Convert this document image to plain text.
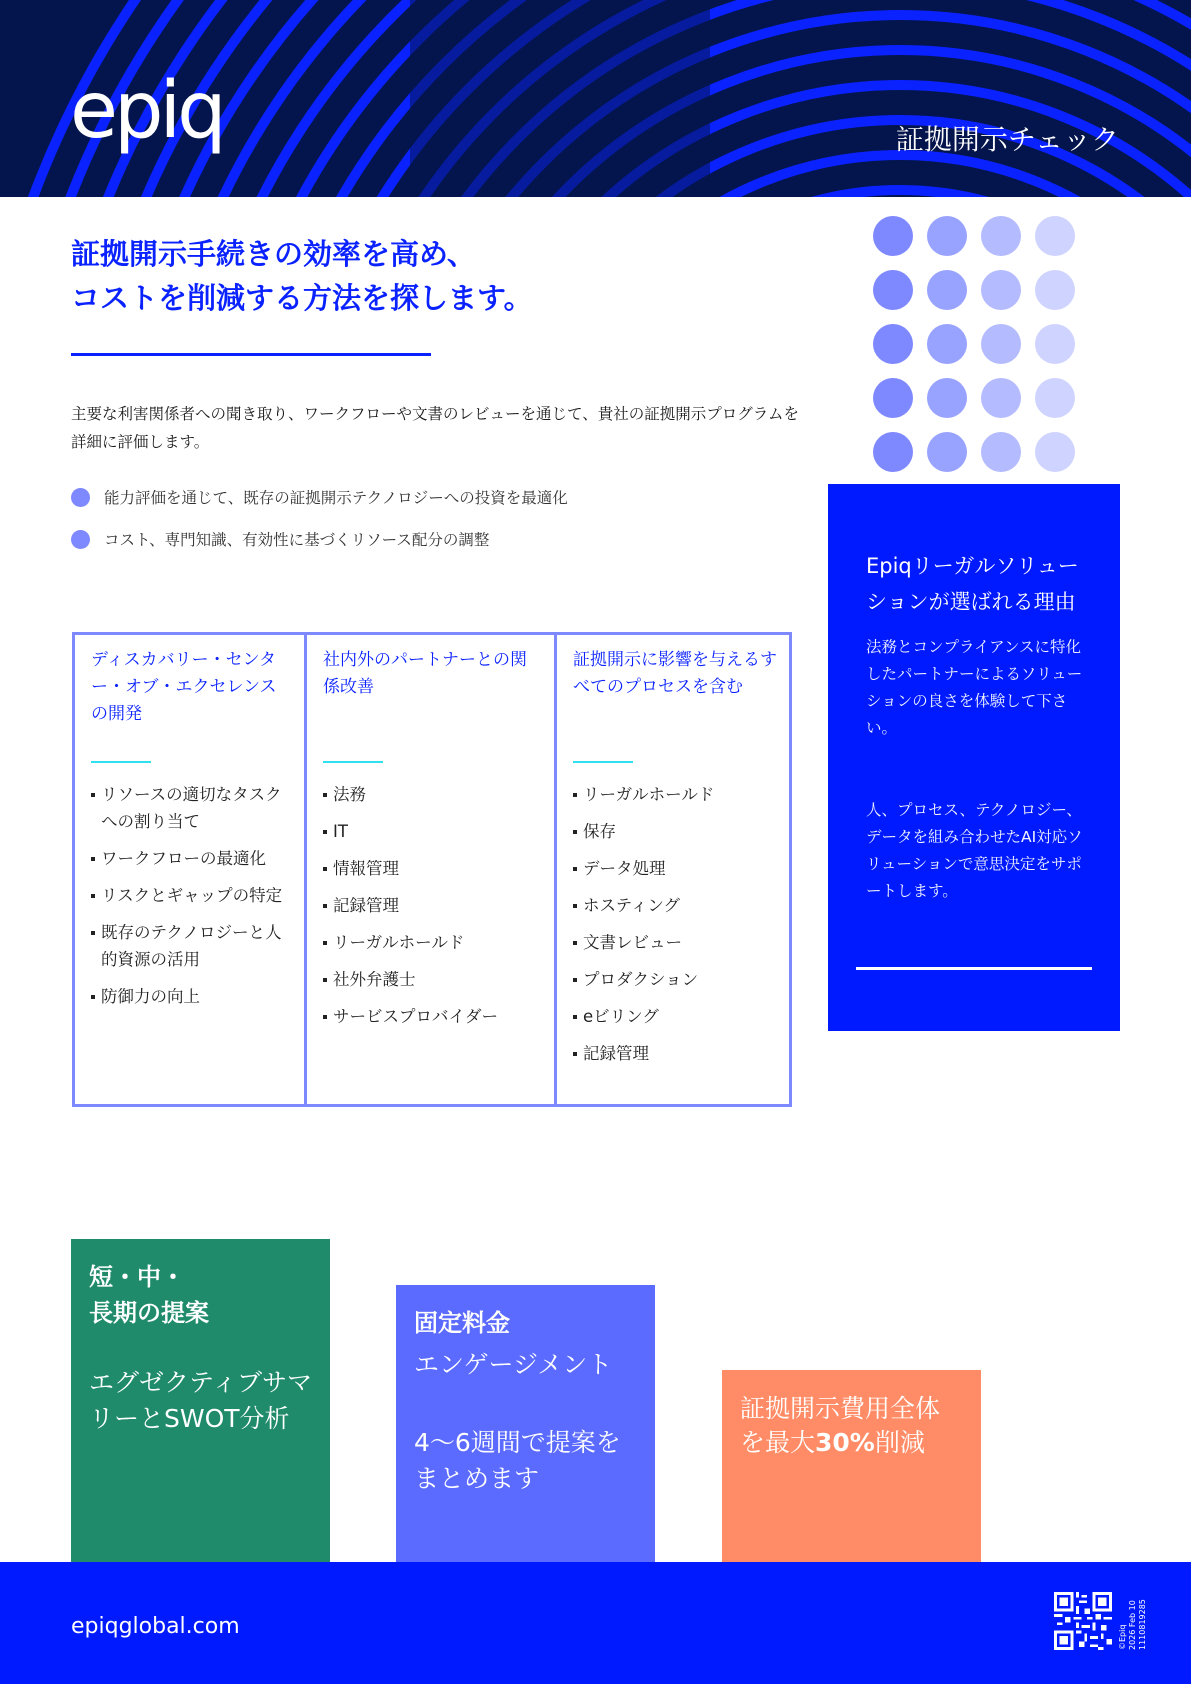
epiq	証拠開示チェック
証拠開示手続きの効率を高め、
コストを削減する方法を探します。

主要な利害関係者への聞き取り、ワークフローや文書のレビューを通じて、貴社の証拠開示プログラムを詳細に評価します。

能力評価を通じて、既存の証拠開示テクノロジーへの投資を最適化
コスト、専門知識、有効性に基づくリソース配分の調整
Epiqリーガルソリューションが選ばれる理由

法務とコンプライアンスに特化したパートナーによるソリューションの良さを体験して下さい。

人、プロセス、テクノロジー、データを組み合わせたAI対応ソリューションで意思決定をサポートします。

ディスカバリー・センター・オブ・エクセレンスの開発
リソースの適切なタスクへの割り当て
ワークフローの最適化
リスクとギャップの特定
既存のテクノロジーと人的資源の活用
防御力の向上
社内外のパートナーとの関係改善
法務
IT
情報管理
記録管理
リーガルホールド
社外弁護士
サービスプロバイダー
証拠開示に影響を与えるすべてのプロセスを含む
リーガルホールド
保存
データ処理
ホスティング
文書レビュー
プロダクション
eビリング
記録管理
短・中・
長期の提案
エグゼクティブサマリーとSWOT分析
固定料金
エンゲージメント
4〜6週間で提案をまとめます
証拠開示費用全体を最大30%削減
epiqglobal.com	©Epiq 2026 Feb 10 1110819285
